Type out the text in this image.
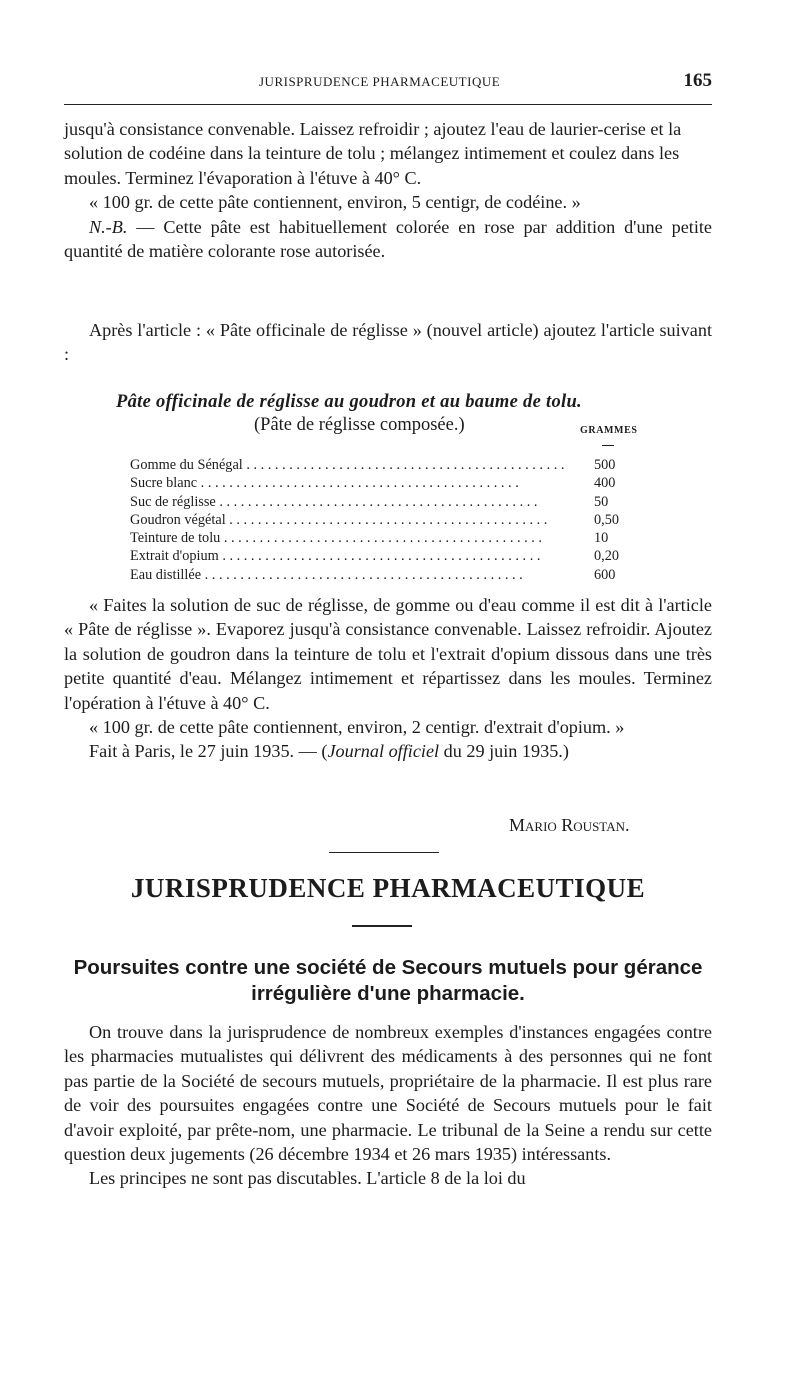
JURISPRUDENCE PHARMACEUTIQUE	165

jusqu'à consistance convenable. Laissez refroidir ; ajoutez l'eau de laurier-cerise et la solution de codéine dans la teinture de tolu ; mélangez intimement et coulez dans les moules. Terminez l'évaporation à l'étuve à 40° C.

« 100 gr. de cette pâte contiennent, environ, 5 centigr, de codéine. »

N.-B. — Cette pâte est habituellement colorée en rose par addition d'une petite quantité de matière colorante rose autorisée.

Après l'article : « Pâte officinale de réglisse » (nouvel article) ajoutez l'article suivant :

Pâte officinale de réglisse au goudron et au baume de tolu.
(Pâte de réglisse composée.)	GRAMMES
Gomme du Sénégal . . .	500
Sucre blanc . . .	400
Suc de réglisse . . .	50
Goudron végétal . . .	0,50
Teinture de tolu . . .	10
Extrait d'opium . . .	0,20
Eau distillée . . .	600

« Faites la solution de suc de réglisse, de gomme ou d'eau comme il est dit à l'article « Pâte de réglisse ». Evaporez jusqu'à consistance convenable. Laissez refroidir. Ajoutez la solution de goudron dans la teinture de tolu et l'extrait d'opium dissous dans une très petite quantité d'eau. Mélangez intimement et répartissez dans les moules. Terminez l'opération à l'étuve à 40° C.

« 100 gr. de cette pâte contiennent, environ, 2 centigr. d'extrait d'opium. »

Fait à Paris, le 27 juin 1935. — (Journal officiel du 29 juin 1935.)

Mario Roustan.
JURISPRUDENCE PHARMACEUTIQUE
Poursuites contre une société de Secours mutuels pour gérance irrégulière d'une pharmacie.

On trouve dans la jurisprudence de nombreux exemples d'instances engagées contre les pharmacies mutualistes qui délivrent des médicaments à des personnes qui ne font pas partie de la Société de secours mutuels, propriétaire de la pharmacie. Il est plus rare de voir des poursuites engagées contre une Société de Secours mutuels pour le fait d'avoir exploité, par prête-nom, une pharmacie. Le tribunal de la Seine a rendu sur cette question deux jugements (26 décembre 1934 et 26 mars 1935) intéressants.

Les principes ne sont pas discutables. L'article 8 de la loi du
